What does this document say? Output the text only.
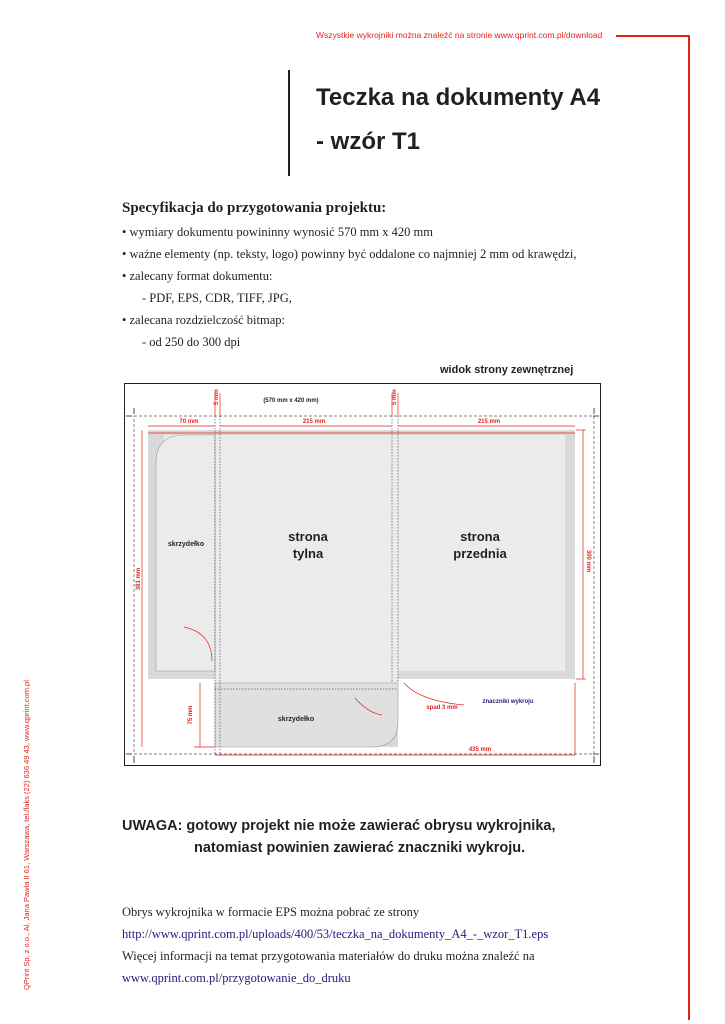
Wszystkie wykrojniki można znaleźć na stronie www.qprint.com.pl/download
Teczka na dokumenty A4
- wzór T1
Specyfikacja do przygotowania projektu:
• wymiary dokumentu powininny wynosić 570 mm x 420 mm
• ważne elementy (np. teksty, logo) powinny być oddalone co najmniej 2 mm od krawędzi,
• zalecany format dokumentu:
- PDF, EPS, CDR, TIFF, JPG,
• zalecana rozdzielczość bitmap:
- od 250 do 300 dpi
widok strony zewnętrznej
(570 mm x 420 mm)
5 mm	5 mm
70 mm	215 mm	215 mm
381 mm
300 mm
75 mm
435 mm
spad 3 mm
znaczniki wykroju
skrzydełko
skrzydełko
strona
tylna
strona
przednia
UWAGA: gotowy projekt nie może zawierać obrysu wykrojnika,
natomiast powinien zawierać znaczniki wykroju.
Obrys wykrojnika w formacie EPS można pobrać ze strony
http://www.qprint.com.pl/uploads/400/53/teczka_na_dokumenty_A4_-_wzor_T1.eps
Więcej informacji na temat przygotowania materiałów do druku można znaleźć na
www.qprint.com.pl/przygotowanie_do_druku
QPrint Sp. z o.o., Al. Jana Pawła II 61, Warszawa, tel./faks (22) 636 49 43, www.qprint.com.pl
